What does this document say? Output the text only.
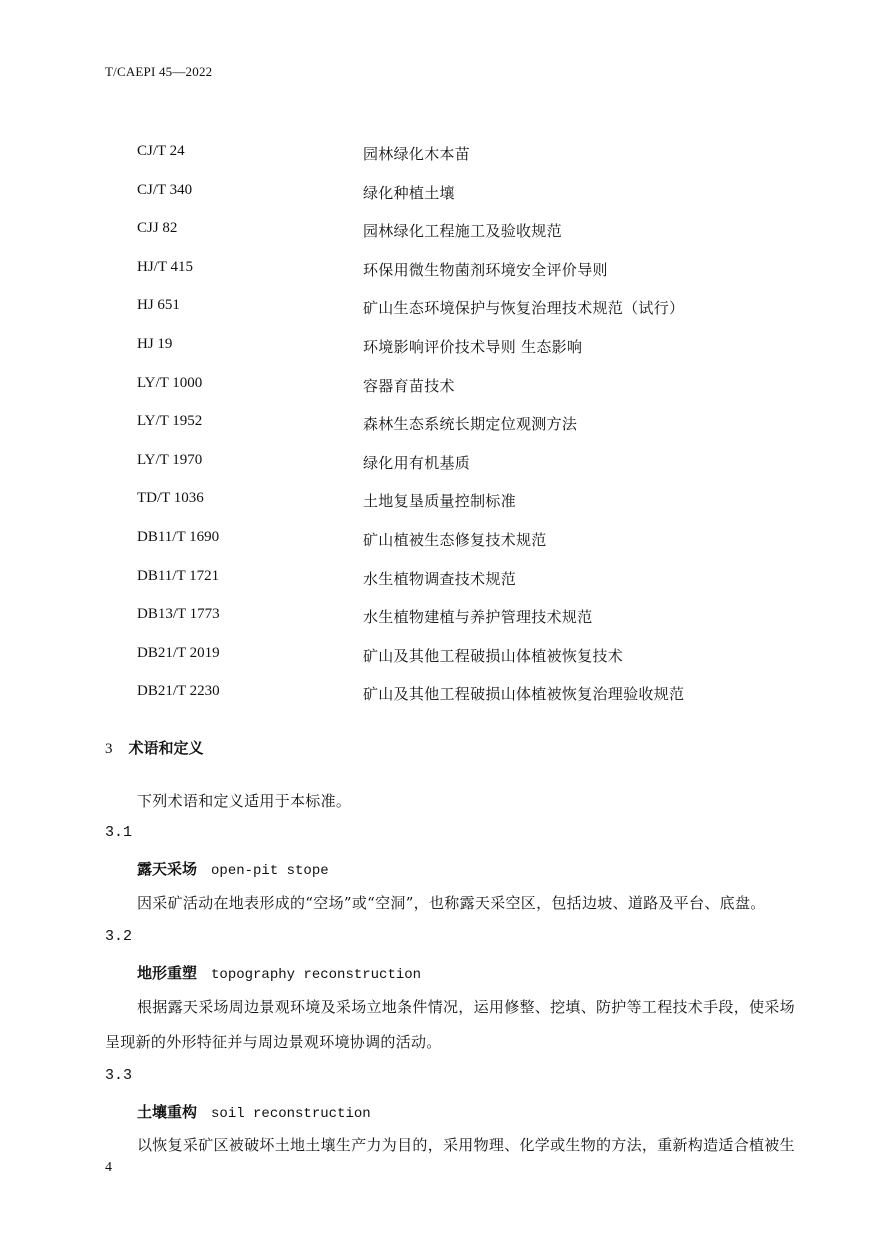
T/CAEPI 45—2022
CJ/T 24	园林绿化木本苗
CJ/T 340	绿化种植土壤
CJJ 82	园林绿化工程施工及验收规范
HJ/T 415	环保用微生物菌剂环境安全评价导则
HJ 651	矿山生态环境保护与恢复治理技术规范（试行）
HJ 19	环境影响评价技术导则 生态影响
LY/T 1000	容器育苗技术
LY/T 1952	森林生态系统长期定位观测方法
LY/T 1970	绿化用有机基质
TD/T 1036	土地复垦质量控制标准
DB11/T 1690	矿山植被生态修复技术规范
DB11/T 1721	水生植物调查技术规范
DB13/T 1773	水生植物建植与养护管理技术规范
DB21/T 2019	矿山及其他工程破损山体植被恢复技术
DB21/T 2230	矿山及其他工程破损山体植被恢复治理验收规范
3 术语和定义
下列术语和定义适用于本标准。
3.1
露天采场 open-pit stope
因采矿活动在地表形成的“空场”或“空洞”，也称露天采空区，包括边坡、道路及平台、底盘。
3.2
地形重塑 topography reconstruction
根据露天采场周边景观环境及采场立地条件情况，运用修整、挖填、防护等工程技术手段，使采场
呈现新的外形特征并与周边景观环境协调的活动。
3.3
土壤重构 soil reconstruction
以恢复采矿区被破坏土地土壤生产力为目的，采用物理、化学或生物的方法，重新构造适合植被生
4
